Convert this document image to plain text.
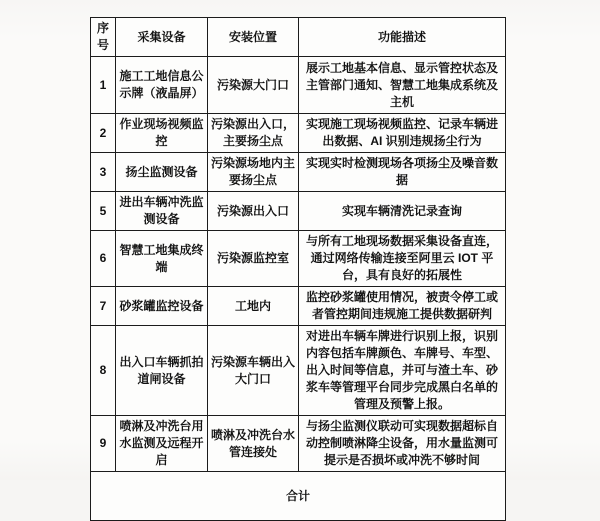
序号	采集设备	安装位置	功能描述
1	施工工地信息公示牌（液晶屏）	污染源大门口	展示工地基本信息、显示管控状态及主管部门通知、智慧工地集成系统及主机
2	作业现场视频监控	污染源出入口，主要扬尘点	实现施工现场视频监控、记录车辆进出数据、AI 识别违规扬尘行为
3	扬尘监测设备	污染源场地内主要扬尘点	实现实时检测现场各项扬尘及噪音数据
5	进出车辆冲洗监测设备	污染源出入口	实现车辆清洗记录查询
6	智慧工地集成终端	污染源监控室	与所有工地现场数据采集设备直连，通过网络传输连接至阿里云 IOT 平台，具有良好的拓展性
7	砂浆罐监控设备	工地内	监控砂浆罐使用情况，被责令停工或者管控期间违规施工提供数据研判
8	出入口车辆抓拍道闸设备	污染源车辆出入大门口	对进出车辆车牌进行识别上报，识别内容包括车牌颜色、车牌号、车型、出入时间等信息，并可与渣土车、砂浆车等管理平台同步完成黑白名单的管理及预警上报。
9	喷淋及冲洗台用水监测及远程开启	喷淋及冲洗台水管连接处	与扬尘监测仪联动可实现数据超标自动控制喷淋降尘设备，用水量监测可提示是否损坏或冲洗不够时间
合计			
